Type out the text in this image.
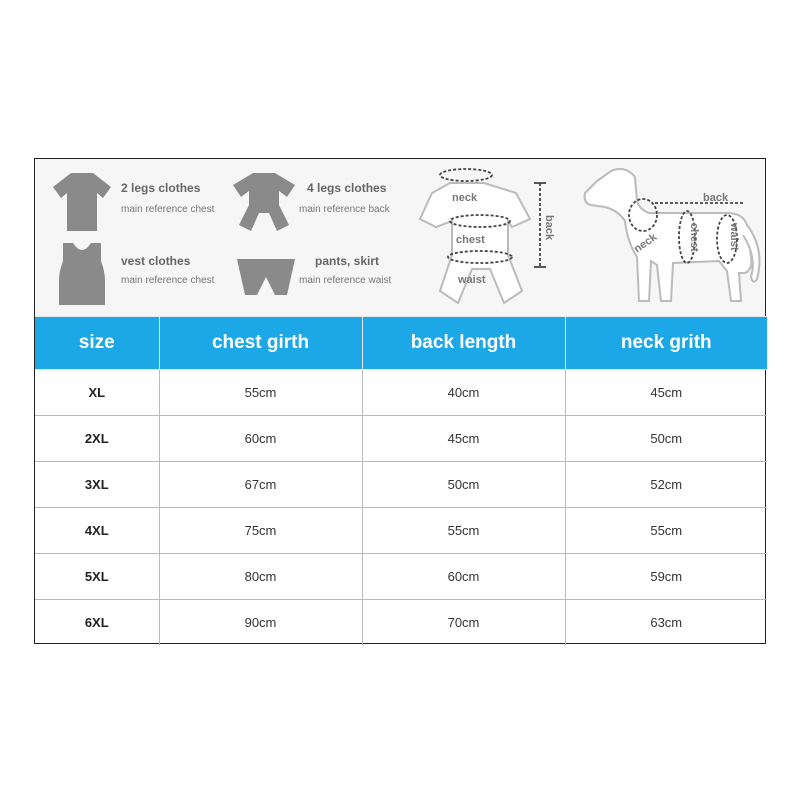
2 legs clothes
main reference chest
4 legs clothes
main reference back
vest clothes
main reference chest
pants, skirt
main reference waist
neck
chest
waist
back
back
neck	chest	waist
size	chest girth	back length	neck grith
XL	55cm	40cm	45cm
2XL	60cm	45cm	50cm
3XL	67cm	50cm	52cm
4XL	75cm	55cm	55cm
5XL	80cm	60cm	59cm
6XL	90cm	70cm	63cm
